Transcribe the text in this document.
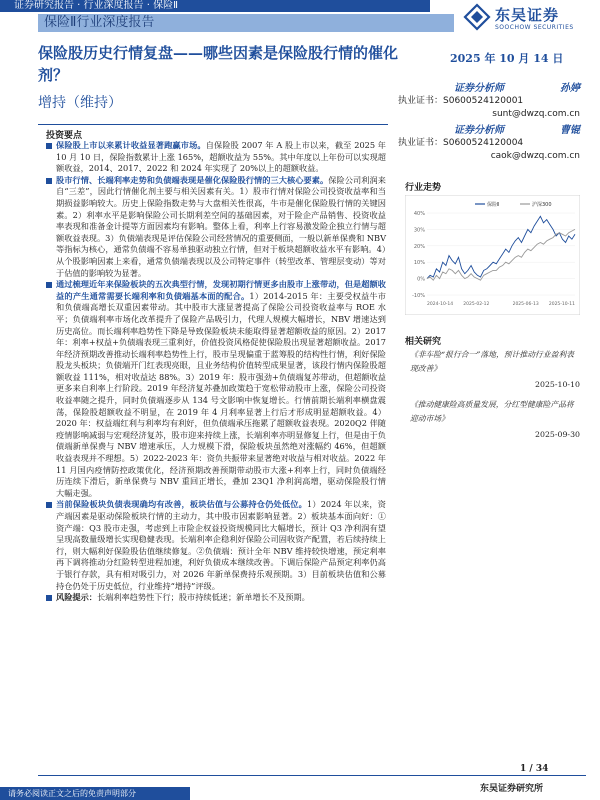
证券研究报告 · 行业深度报告 · 保险Ⅱ
保险Ⅱ行业深度报告	东吴证券
SOOCHOW SECURITIES
保险股历史行情复盘——哪些因素是保险股行情的催化剂？
2025 年 10 月 14 日
增持（维持）
证券分析师	孙婷
执业证书：S0600524120001
sunt@dwzq.com.cn
证券分析师	曹锟
执业证书：S0600524120004
caok@dwzq.com.cn
投资要点

保险股上市以来累计收益显著跑赢市场。自保险股 2007 年 A 股上市以来，截至 2025 年 10 月 10 日，保险指数累计上涨 165%，超额收益为 55%。其中年度以上年份可以实现超额收益，2014、2017、2022 和 2024 年实现了 20%以上的超额收益。

股市行情、长端利率走势和负债端表现是催化保险股行情的三大核心要素。保险公司利润来自“三差”，因此行情催化剂主要与相关因素有关。1）股市行情对保险公司投资收益率和当期损益影响较大。历史上保险指数走势与大盘相关性很高，牛市是催化保险股行情的关键因素。2）利率水平是影响保险公司长期利差空间的基础因素，对于险企产品销售、投资收益率表现和准备金计提等方面因素均有影响。整体上看，利率上行容易激发险企独立行情与超额收益表现。3）负债端表现是评估保险公司经营情况的重要侧面，一般以新单保费和 NBV 等指标为核心，通常负债端不容易单独驱动独立行情，但对于板块超额收益水平有影响。4）从个股影响因素上来看，通常负债端表现以及公司特定事件（转型改革、管理层变动）等对于估值的影响较为显著。

通过梳理近年来保险板块的五次典型行情，发现初期行情更多由股市上涨带动，但是超额收益的产生通常需要长端利率和负债端基本面的配合。1）2014-2015 年：主要受权益牛市和负债端高增长双重因素带动。其中股市大涨显著提高了保险公司投资收益率与 ROE 水平；负债端利率市场化改革提升了保险产品吸引力，代理人规模大幅增长，NBV 增速达到历史高位。而长端利率趋势性下降是导致保险板块未能取得显著超额收益的原因。2）2017 年：利率+权益+负债端表现三重利好，价值投资风格促使保险股出现显著超额收益。2017 年经济预期改善推动长端利率趋势性上行，股市呈现偏重于蓝筹股的结构性行情，利好保险股龙头板块；负债端开门红表现亮眼，且业务结构价值转型成果显著，该段行情内保险股超额收益 111%，相对收益达 88%。3）2019 年：股市强劲+负债端复苏带动，但超额收益更多来自利率上行阶段。2019 年经济复苏叠加政策趋于宽松带动股市上涨，保险公司投资收益率随之提升，同时负债端逐步从 134 号文影响中恢复增长。行情前期长端利率横盘震荡，保险股超额收益不明显，在 2019 年 4 月利率显著上行后才形成明显超额收益。4）2020 年：权益端红利与利率均有利好，但负债端承压拖累了超额收益表现。2020Q2 伴随疫情影响减弱与宏观经济复苏，股市迎来持续上涨，长端利率亦明显修复上行，但是由于负债端新单保费与 NBV 增速承压，人力规模下滑，保险板块虽然绝对涨幅约 46%，但超额收益表现并不理想。5）2022-2023 年：资负共振带来显著绝对收益与相对收益。2022 年 11 月国内疫情防控政策优化，经济预期改善预期带动股市大涨+利率上行，同时负债端经历连续下滑后，新单保费与 NBV 重回正增长，叠加 23Q1 净利润高增，驱动保险股行情大幅走强。

当前保险板块负债表现确均有改善，板块估值与公募持仓仍处低位。1）2024 年以来，资产端因素是驱动保险板块行情的主动力，其中股市因素影响显著。2）板块基本面向好：①资产端：Q3 股市走强，考虑到上市险企权益投资规模同比大幅增长，预计 Q3 净利润有望呈现高数量级增长实现稳健表现。长端利率企稳利好保险公司固收资产配置，若后续持续上行，则大幅利好保险股估值继续修复。②负债端：预计全年 NBV 维持较快增速，预定利率再下调将推动分红险转型进程加速，利好负债成本继续改善。下调后保险产品预定利率仍高于银行存款，具有相对吸引力，对 2026 年新单保费持乐观预期。3）目前板块估值和公募持仓仍处于历史低位，行业维持“增持”评级。

风险提示：长端利率趋势性下行；股市持续低迷；新单增长不及预期。

行业走势
40%
30%
20%
10%
0%
-10%
保险Ⅱ	沪深300
2024-10-14 2025-02-12	2025-06-13 2025-10-11
相关研究
《非车险“报行合一”落地，预计推动行业盈利表现改善》
2025-10-10
《推动健康险高质量发展，分红型健康险产品将迎动市场》
2025-09-30
1 / 34
东吴证券研究所
请务必阅读正文之后的免责声明部分
